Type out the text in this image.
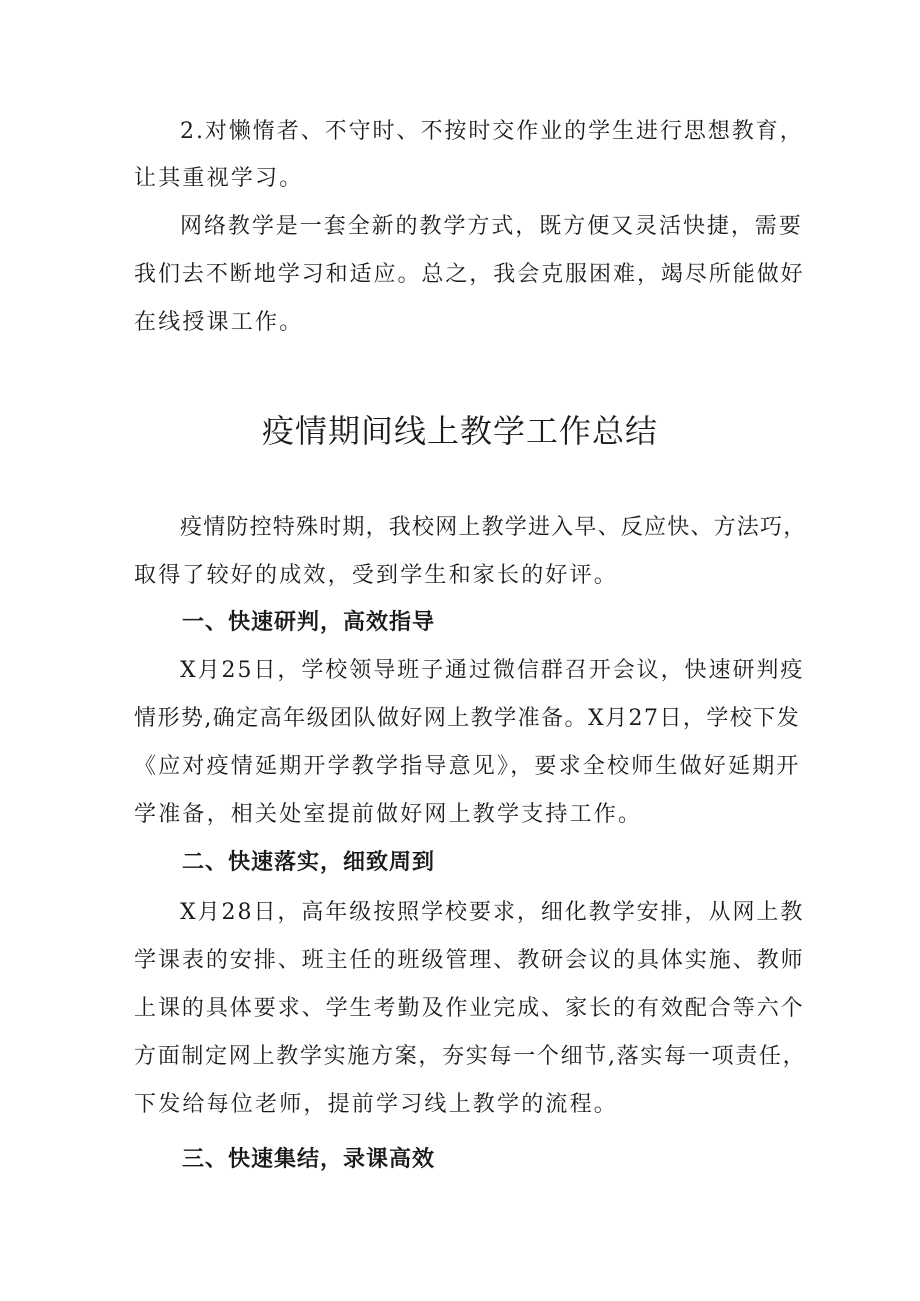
2.对懒惰者、不守时、不按时交作业的学生进行思想教育，
让其重视学习。
网络教学是一套全新的教学方式，既方便又灵活快捷，需要
我们去不断地学习和适应。总之，我会克服困难，竭尽所能做好
在线授课工作。
疫情期间线上教学工作总结
疫情防控特殊时期，我校网上教学进入早、反应快、方法巧，
取得了较好的成效，受到学生和家长的好评。
一、快速研判，高效指导
X月25日，学校领导班子通过微信群召开会议，快速研判疫
情形势,确定高年级团队做好网上教学准备。X月27日，学校下发
《应对疫情延期开学教学指导意见》，要求全校师生做好延期开
学准备，相关处室提前做好网上教学支持工作。
二、快速落实，细致周到
X月28日，高年级按照学校要求，细化教学安排，从网上教
学课表的安排、班主任的班级管理、教研会议的具体实施、教师
上课的具体要求、学生考勤及作业完成、家长的有效配合等六个
方面制定网上教学实施方案，夯实每一个细节,落实每一项责任，
下发给每位老师，提前学习线上教学的流程。
三、快速集结，录课高效
